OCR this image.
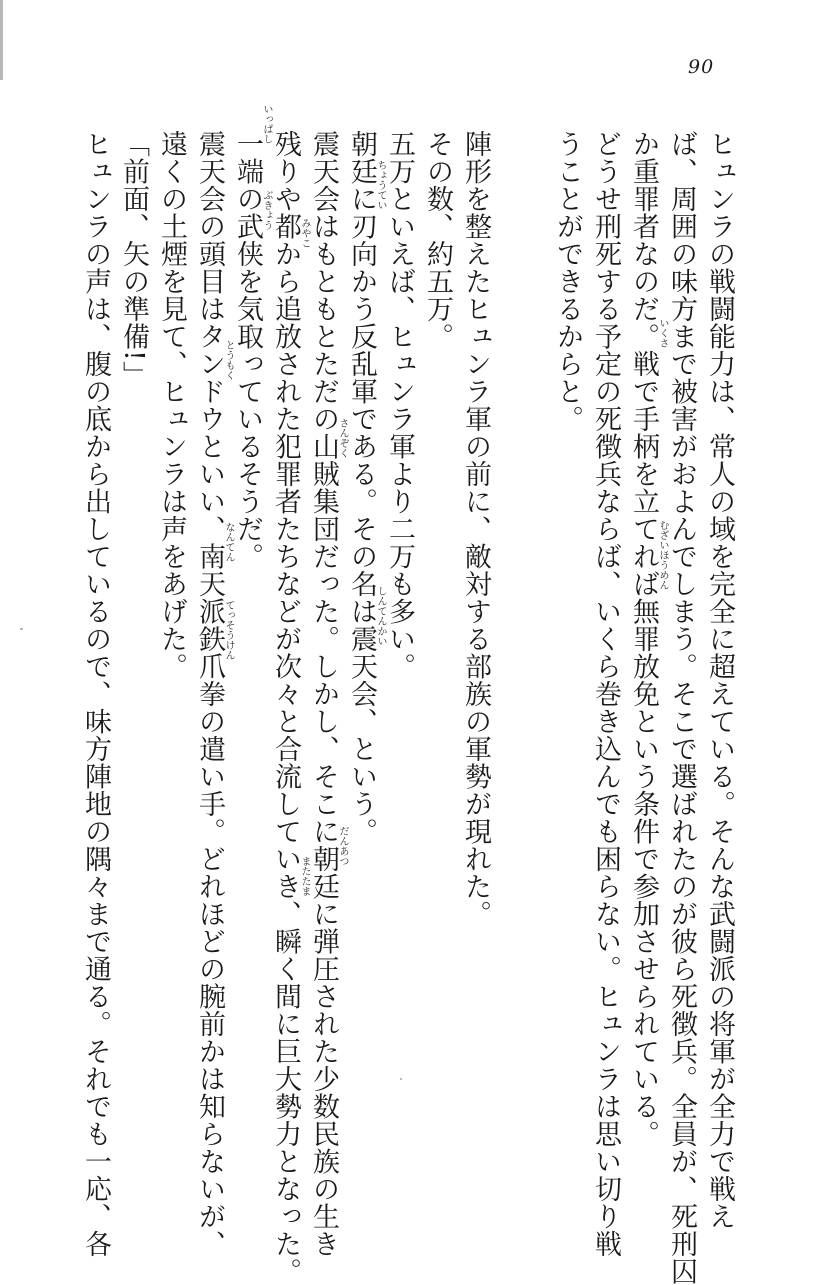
90
ヒュンラの戦闘能力は、常人の域を完全に超えている。そんな武闘派の将軍が全力で戦え
ば、周囲の味方まで被害がおよんでしまう。そこで選ばれたのが彼ら死徴兵。全員が、死刑囚
か重罪者なのだ。戦で手柄を立てれば無罪放免という条件で参加させられている。
どうせ刑死する予定の死徴兵ならば、いくら巻き込んでも困らない。ヒュンラは思い切り戦
うことができるからと。
陣形を整えたヒュンラ軍の前に、敵対する部族の軍勢が現れた。
その数、約五万。
五万といえば、ヒュンラ軍より二万も多い。
朝廷に刃向かう反乱軍である。その名は震天会、という。
震天会はもともとただの山賊集団だった。しかし、そこに朝廷に弾圧された少数民族の生き
残りや都から追放された犯罪者たちなどが次々と合流していき、瞬く間に巨大勢力となった。
一端の武侠を気取っているそうだ。
震天会の頭目はタンドウといい、南天派鉄爪拳の遣い手。どれほどの腕前かは知らないが、
遠くの土煙を見て、ヒュンラは声をあげた。
「前面、矢の準備!」
ヒュンラの声は、腹の底から出しているので、味方陣地の隅々まで通る。それでも一応、各	いくさ
むざいほうめん
ちょうてい
しんてんかい
さんぞく
だんあつ
みやこ
またた
ま
いっぱし
ぶきょう
とうもく
なんてん
てっそうけん
